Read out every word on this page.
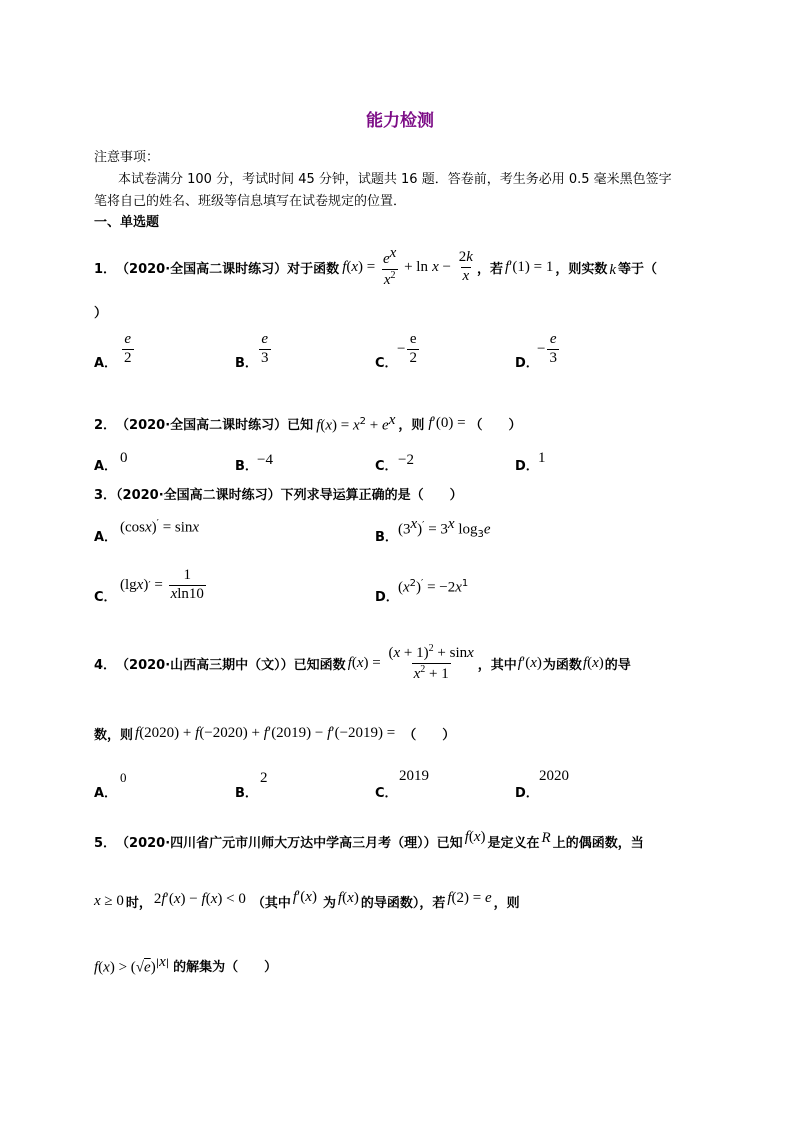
能力检测
注意事项：
本试卷满分 100 分，考试时间 45 分钟，试题共 16 题．答卷前，考生务必用 0.5 毫米黑色签字
笔将自己的姓名、班级等信息填写在试卷规定的位置．
一、单选题
1． （2020·全国高二课时练习） 对于函数 f ( x ) = $\frac{e^x}{x^2} + \ln$
$x - \frac{2k}{x}$ ，若 f′(1) = 1 ，则实数 k 等于（
）
A． $\frac{e}{2}$	B． $\frac{e}{3}$	C．
− $\frac{e}{2}$	D．
− $\frac{e}{3}$
2． （2020·全国高二课时练习） 已知 $f(x) = x^2 + e^x$ ，则 f′(0) = （　　）
A．
0
B． −4	C． −2	D．
1
3．（2020·全国高二课时练习）下列求导运算正确的是（　　）
A．
(cosx)′ = sinx
B．
$(3^x)' = 3^x$ $\log_3e$
C．
(lg x ) ′ = $\frac{1}{xln10}$	D．
$(x^2)' = -2x^1$
4． （2020·山西高三期中（文）） 已知函数 f ( x ) = $\frac{(x + 1)^2 + \sin x}{x^2 + 1}$ ，其中 f′(x) 为函数 f(x) 的导
数，则 f(2020) + f(−2020) + f′(2019) − f′(−2019) = （　　）
A．
0
B．
2
C．
2019
D．
2020
5． （2020·四川省广元市川师大万达中学高三月考（理）） 已知 f(x) 是定义在 R 上的偶函数，当
x ≥ 0 时， 2f′(x) − f(x) < 0 （其中 f′(x) 为 f(x) 的导函数），若 f(2) = e ，则
$f(x) > (√e)^{|x|}$ 的解集为（　　）
